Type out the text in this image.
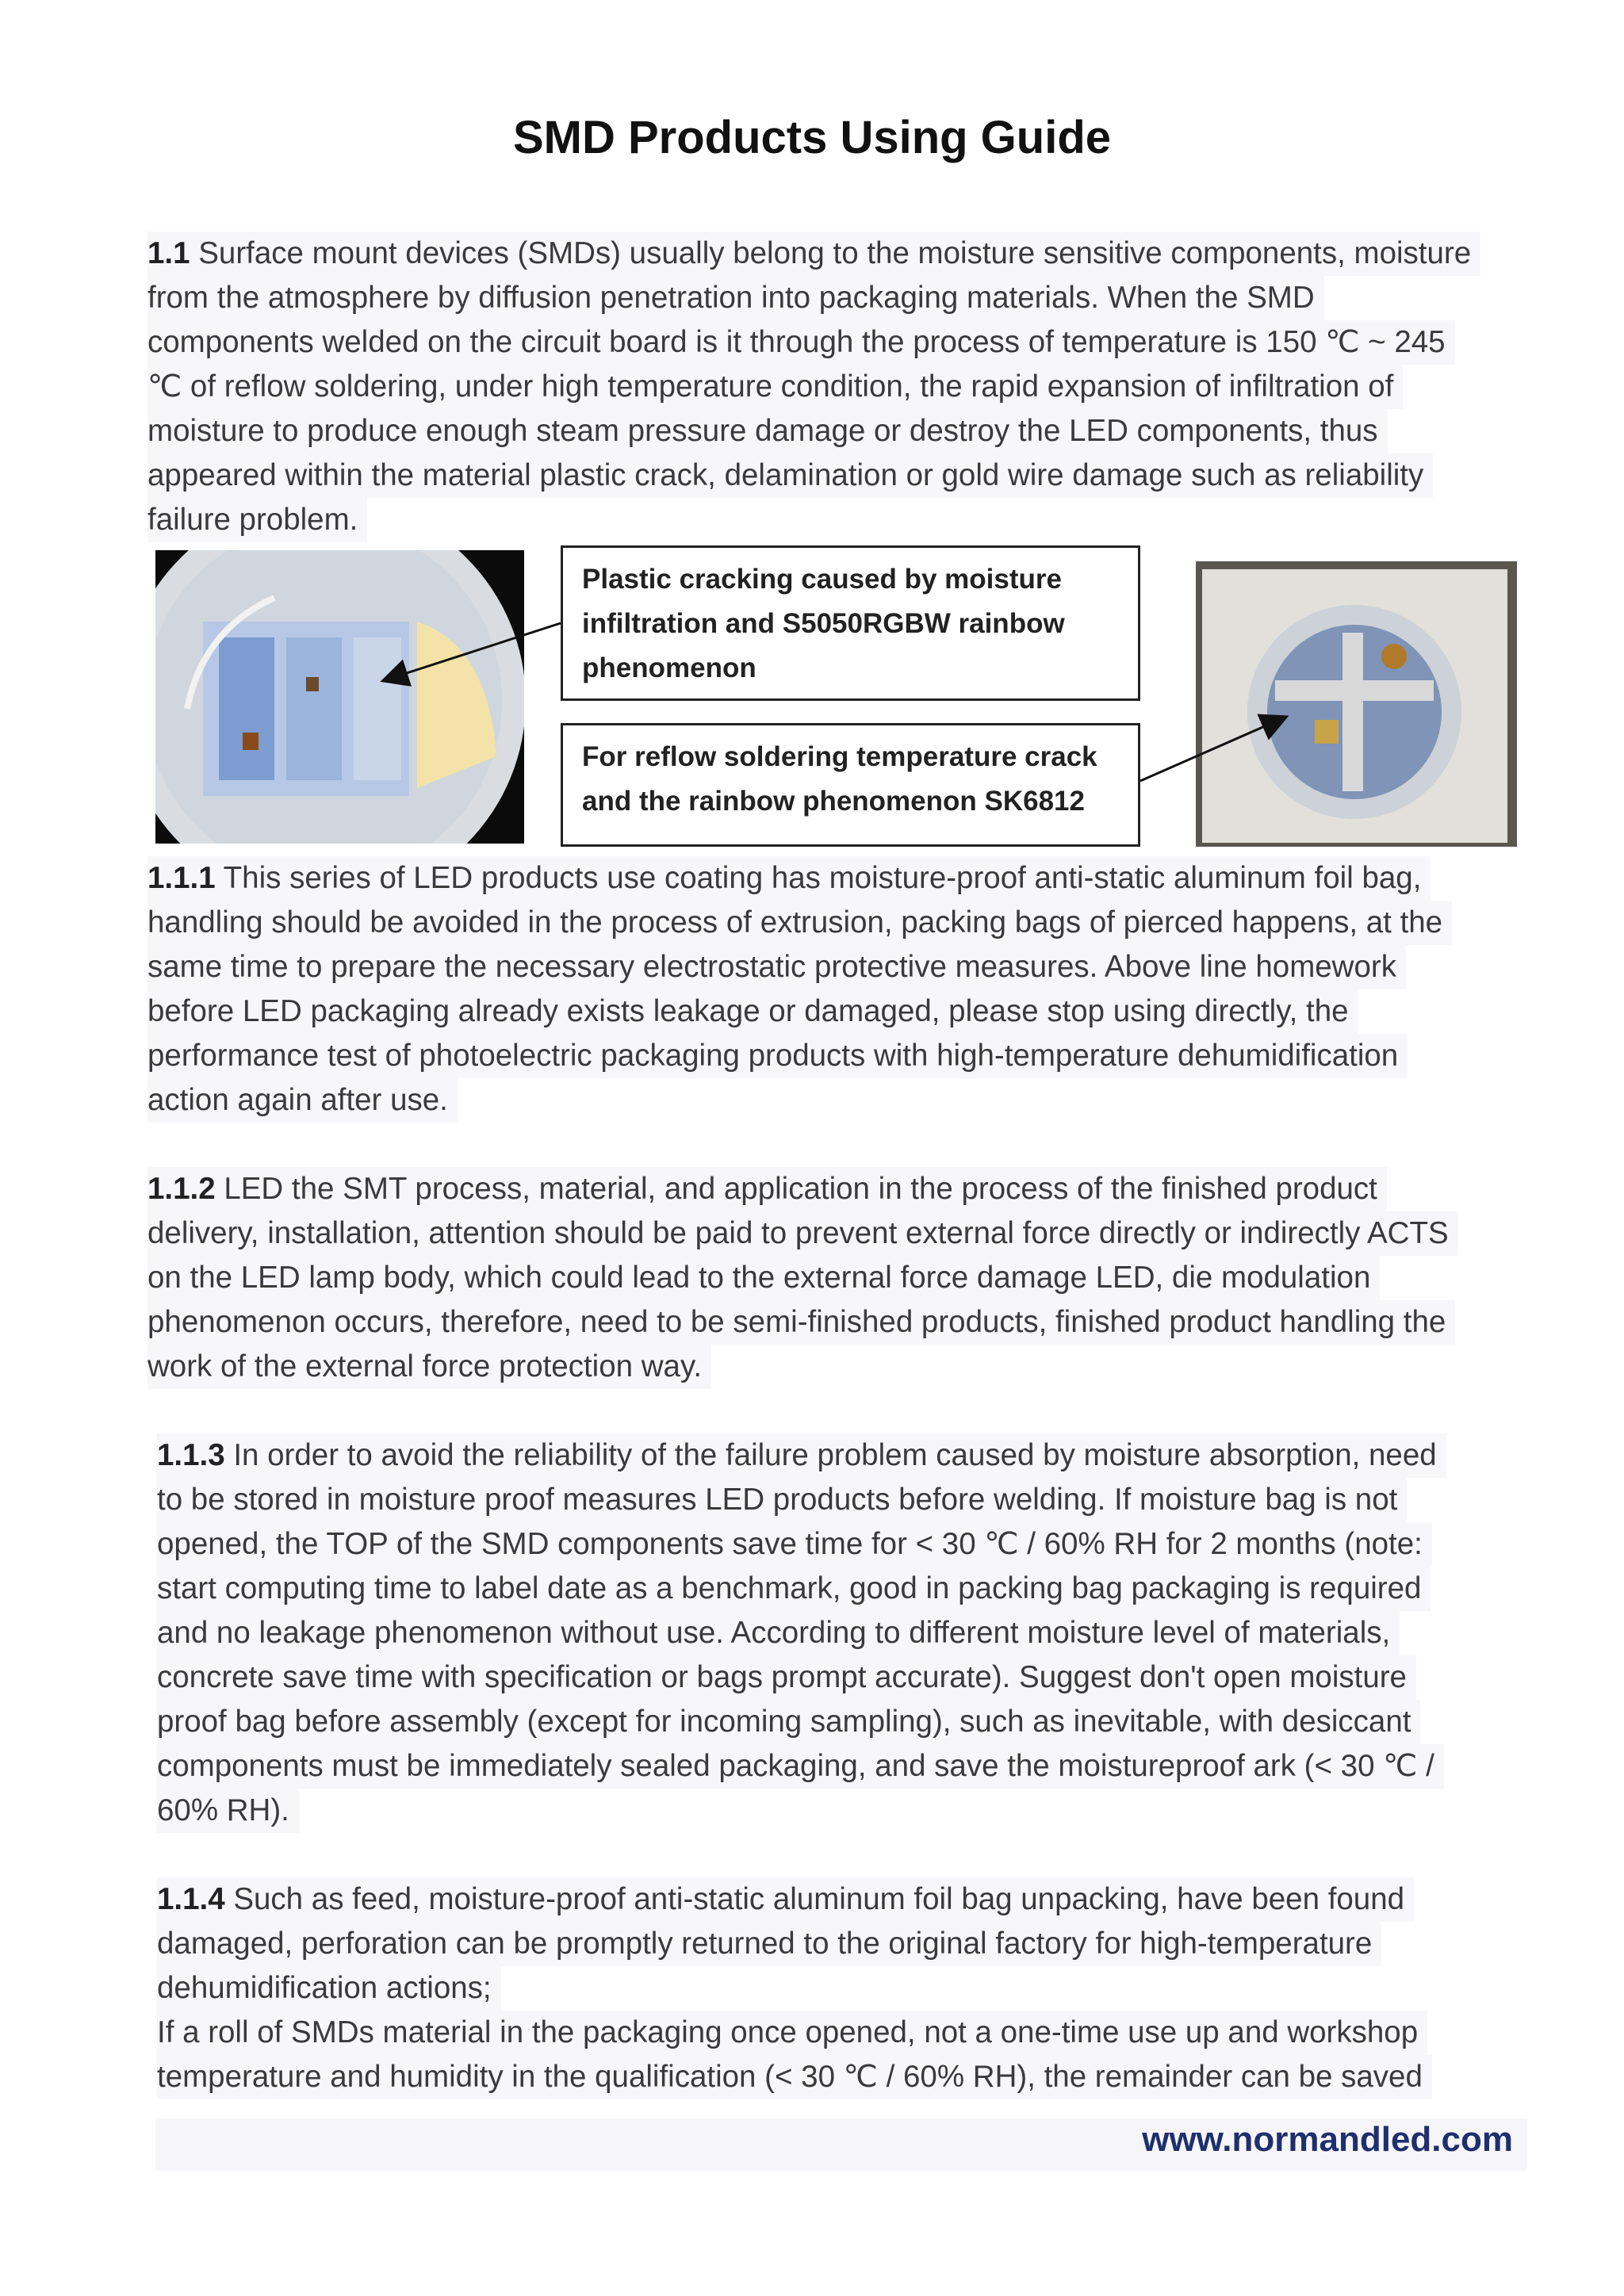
SMD Products Using Guide
1.1 Surface mount devices (SMDs) usually belong to the moisture sensitive components, moisture
from the atmosphere by diffusion penetration into packaging materials. When the SMD
components welded on the circuit board is it through the process of temperature is 150 ℃ ~ 245
℃ of reflow soldering, under high temperature condition, the rapid expansion of infiltration of
moisture to produce enough steam pressure damage or destroy the LED components, thus
appeared within the material plastic crack, delamination or gold wire damage such as reliability
failure problem.
Plastic cracking caused by moisture
infiltration and S5050RGBW rainbow
phenomenon
For reflow soldering temperature crack
and the rainbow phenomenon SK6812
1.1.1 This series of LED products use coating has moisture-proof anti-static aluminum foil bag,
handling should be avoided in the process of extrusion, packing bags of pierced happens, at the
same time to prepare the necessary electrostatic protective measures. Above line homework
before LED packaging already exists leakage or damaged, please stop using directly, the
performance test of photoelectric packaging products with high-temperature dehumidification
action again after use.
1.1.2 LED the SMT process, material, and application in the process of the finished product
delivery, installation, attention should be paid to prevent external force directly or indirectly ACTS
on the LED lamp body, which could lead to the external force damage LED, die modulation
phenomenon occurs, therefore, need to be semi-finished products, finished product handling the
work of the external force protection way.
1.1.3 In order to avoid the reliability of the failure problem caused by moisture absorption, need
to be stored in moisture proof measures LED products before welding. If moisture bag is not
opened, the TOP of the SMD components save time for < 30 ℃ / 60% RH for 2 months (note:
start computing time to label date as a benchmark, good in packing bag packaging is required
and no leakage phenomenon without use. According to different moisture level of materials,
concrete save time with specification or bags prompt accurate). Suggest don't open moisture
proof bag before assembly (except for incoming sampling), such as inevitable, with desiccant
components must be immediately sealed packaging, and save the moistureproof ark (< 30 ℃ /
60% RH).
1.1.4 Such as feed, moisture-proof anti-static aluminum foil bag unpacking, have been found
damaged, perforation can be promptly returned to the original factory for high-temperature
dehumidification actions;
If a roll of SMDs material in the packaging once opened, not a one-time use up and workshop
temperature and humidity in the qualification (< 30 ℃ / 60% RH), the remainder can be saved
www.normandled.com
